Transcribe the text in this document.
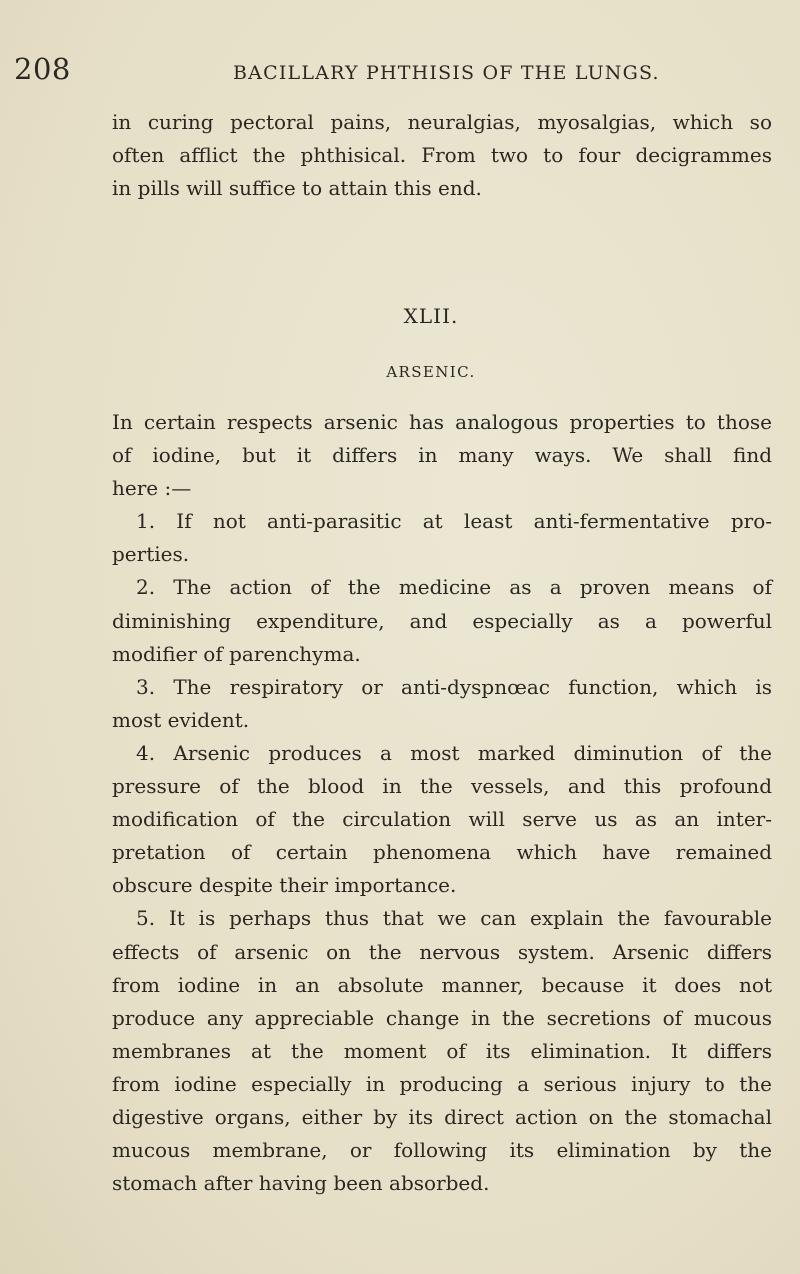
208	BACILLARY PHTHISIS OF THE LUNGS.
in curing pectoral pains, neuralgias, myosalgias, which so
often afflict the phthisical. From two to four decigrammes
in pills will suffice to attain this end.
XLII.
ARSENIC.
In certain respects arsenic has analogous properties to those
of iodine, but it differs in many ways. We shall find
here :—
1. If not anti-parasitic at least anti-fermentative pro-
perties.
2. The action of the medicine as a proven means of
diminishing expenditure, and especially as a powerful
modifier of parenchyma.
3. The respiratory or anti-dyspnœac function, which is
most evident.
4. Arsenic produces a most marked diminution of the
pressure of the blood in the vessels, and this profound
modification of the circulation will serve us as an inter-
pretation of certain phenomena which have remained
obscure despite their importance.
5. It is perhaps thus that we can explain the favourable
effects of arsenic on the nervous system. Arsenic differs
from iodine in an absolute manner, because it does not
produce any appreciable change in the secretions of mucous
membranes at the moment of its elimination. It differs
from iodine especially in producing a serious injury to the
digestive organs, either by its direct action on the stomachal
mucous membrane, or following its elimination by the
stomach after having been absorbed.
